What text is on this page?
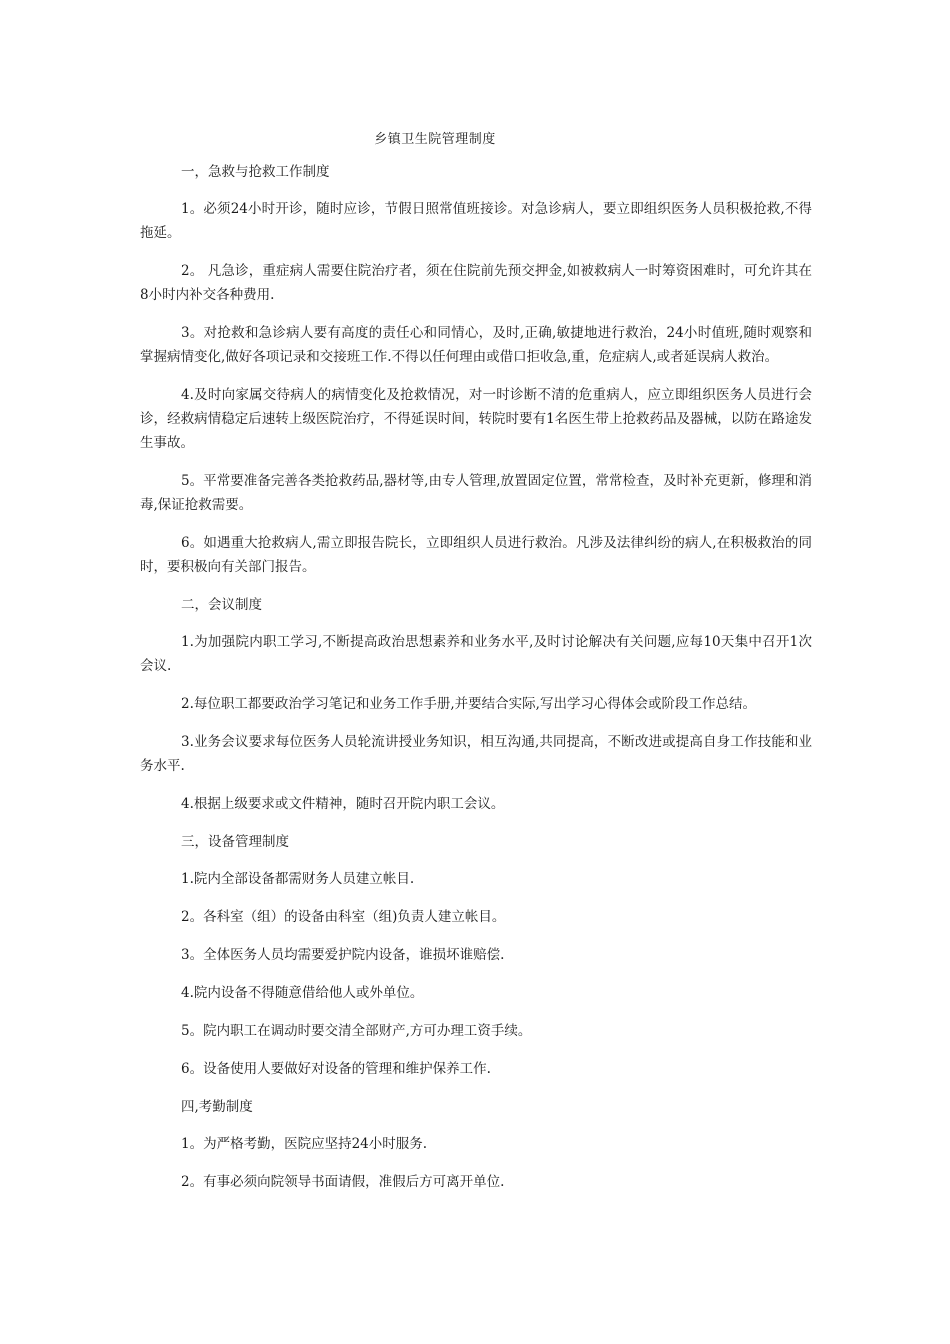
乡镇卫生院管理制度

一，急救与抢救工作制度

1。必须24小时开诊，随时应诊，节假日照常值班接诊。对急诊病人，要立即组织医务人员积极抢救,不得拖延。

2。 凡急诊，重症病人需要住院治疗者，须在住院前先预交押金,如被救病人一时筹资困难时，可允许其在8小时内补交各种费用.

3。对抢救和急诊病人要有高度的责任心和同情心，及时,正确,敏捷地进行救治，24小时值班,随时观察和掌握病情变化,做好各项记录和交接班工作.不得以任何理由或借口拒收急,重，危症病人,或者延误病人救治。

4.及时向家属交待病人的病情变化及抢救情况，对一时诊断不清的危重病人，应立即组织医务人员进行会诊，经救病情稳定后速转上级医院治疗，不得延误时间，转院时要有1名医生带上抢救药品及器械，以防在路途发生事故。

5。平常要准备完善各类抢救药品,器材等,由专人管理,放置固定位置，常常检查，及时补充更新，修理和消毒,保证抢救需要。

6。如遇重大抢救病人,需立即报告院长，立即组织人员进行救治。凡涉及法律纠纷的病人,在积极救治的同时，要积极向有关部门报告。

二，会议制度

1.为加强院内职工学习,不断提高政治思想素养和业务水平,及时讨论解决有关问题,应每10天集中召开1次会议.

2.每位职工都要政治学习笔记和业务工作手册,并要结合实际,写出学习心得体会或阶段工作总结。

3.业务会议要求每位医务人员轮流讲授业务知识，相互沟通,共同提高，不断改进或提高自身工作技能和业务水平.

4.根据上级要求或文件精神，随时召开院内职工会议。

三，设备管理制度

1.院内全部设备都需财务人员建立帐目.

2。各科室（组）的设备由科室（组)负责人建立帐目。

3。全体医务人员均需要爱护院内设备，谁损坏谁赔偿.

4.院内设备不得随意借给他人或外单位。

5。院内职工在调动时要交清全部财产,方可办理工资手续。

6。设备使用人要做好对设备的管理和维护保养工作.

四,考勤制度

1。为严格考勤，医院应坚持24小时服务.

2。有事必须向院领导书面请假，准假后方可离开单位.
